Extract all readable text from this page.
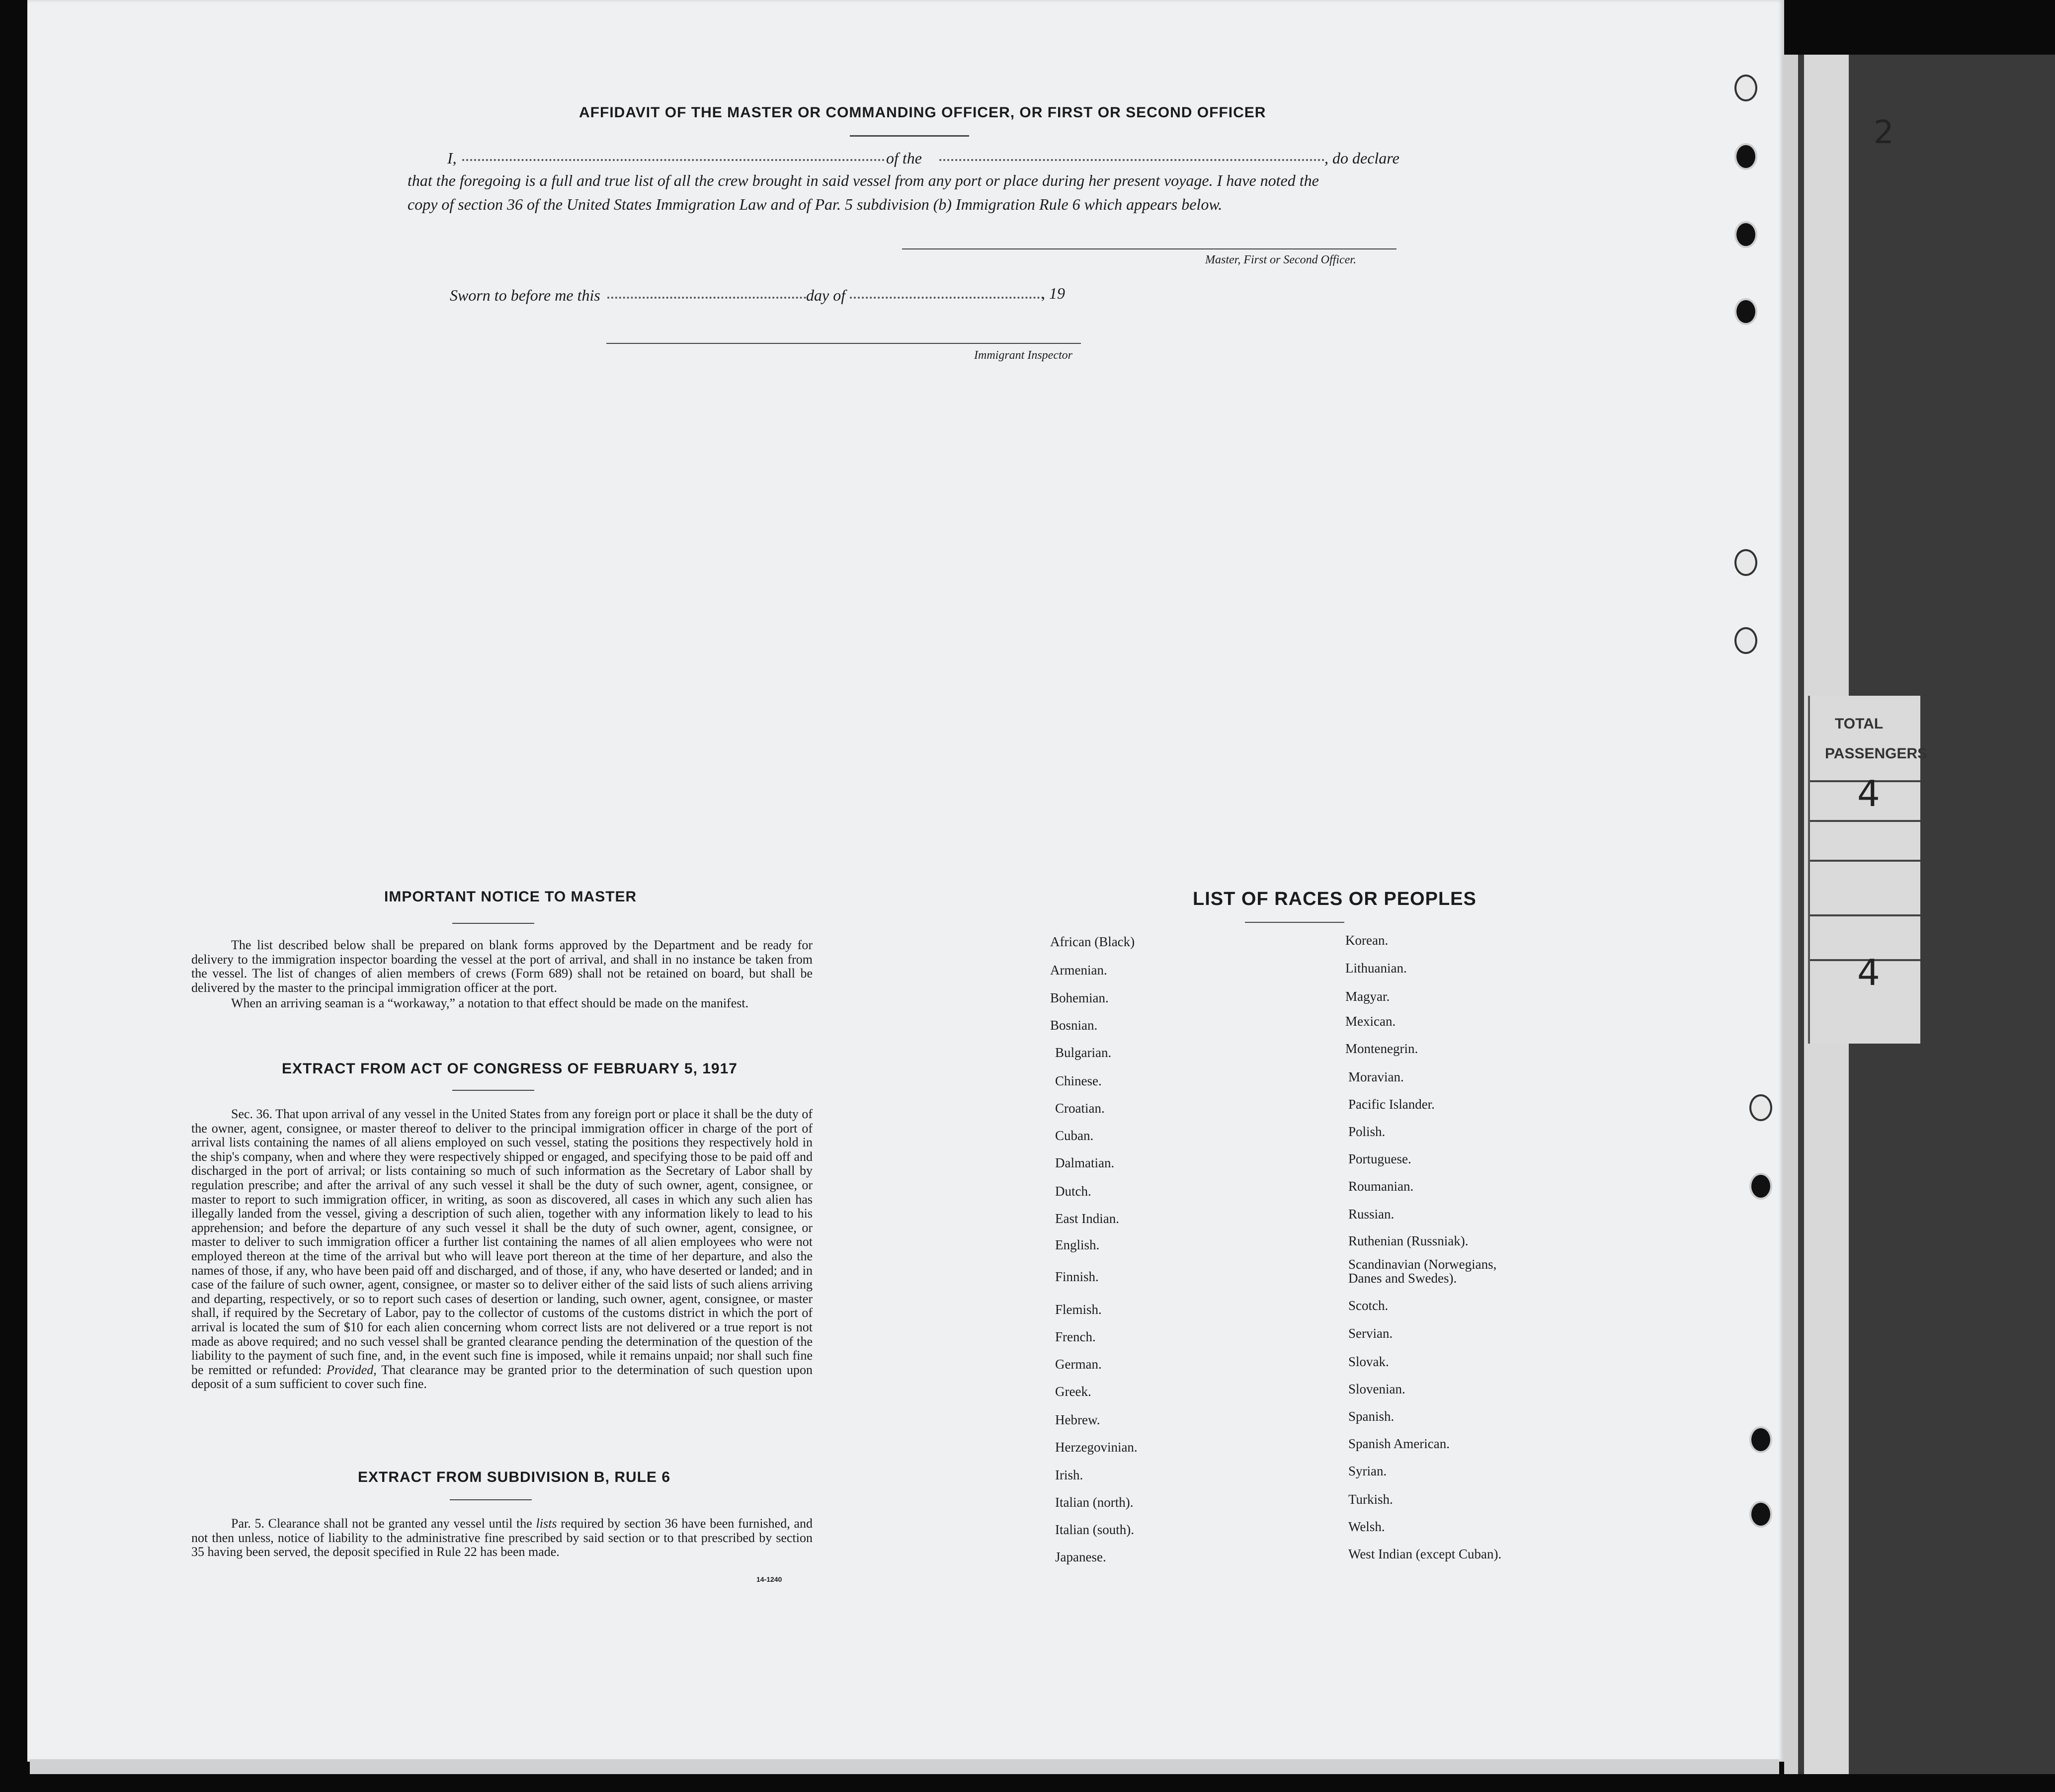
2
TOTAL
PASSENGERS
4
4
AFFIDAVIT OF THE MASTER OR COMMANDING OFFICER, OR FIRST OR SECOND OFFICER
I,	of the	, do declare
that the foregoing is a full and true list of all the crew brought in said vessel from any port or place during her present voyage. I have noted the
copy of section 36 of the United States Immigration Law and of Par. 5 subdivision (b) Immigration Rule 6 which appears below.
Master, First or Second Officer.
Sworn to before me this	day of	, 19
Immigrant Inspector
IMPORTANT NOTICE TO MASTER
The list described below shall be prepared on blank forms approved by the Department and be ready for delivery to the immigration inspector boarding the vessel at the port of arrival, and shall in no instance be taken from the vessel. The list of changes of alien members of crews (Form 689) shall not be retained on board, but shall be delivered by the master to the principal immigration officer at the port.
When an arriving seaman is a “workaway,” a notation to that effect should be made on the manifest.
EXTRACT FROM ACT OF CONGRESS OF FEBRUARY 5, 1917
Sec. 36. That upon arrival of any vessel in the United States from any foreign port or place it shall be the duty of the owner, agent, consignee, or master thereof to deliver to the principal immigration officer in charge of the port of arrival lists containing the names of all aliens employed on such vessel, stating the positions they respectively hold in the ship's company, when and where they were respectively shipped or engaged, and specifying those to be paid off and discharged in the port of arrival; or lists containing so much of such information as the Secretary of Labor shall by regulation prescribe; and after the arrival of any such vessel it shall be the duty of such owner, agent, consignee, or master to report to such immigration officer, in writing, as soon as discovered, all cases in which any such alien has illegally landed from the vessel, giving a description of such alien, together with any information likely to lead to his apprehension; and before the departure of any such vessel it shall be the duty of such owner, agent, consignee, or master to deliver to such immigration officer a further list containing the names of all alien employees who were not employed thereon at the time of the arrival but who will leave port thereon at the time of her departure, and also the names of those, if any, who have been paid off and discharged, and of those, if any, who have deserted or landed; and in case of the failure of such owner, agent, consignee, or master so to deliver either of the said lists of such aliens arriving and departing, respectively, or so to report such cases of desertion or landing, such owner, agent, consignee, or master shall, if required by the Secretary of Labor, pay to the collector of customs of the customs district in which the port of arrival is located the sum of $10 for each alien concerning whom correct lists are not delivered or a true report is not made as above required; and no such vessel shall be granted clearance pending the determination of the question of the liability to the payment of such fine, and, in the event such fine is imposed, while it remains unpaid; nor shall such fine be remitted or refunded: Provided, That clearance may be granted prior to the determination of such question upon deposit of a sum sufficient to cover such fine.
EXTRACT FROM SUBDIVISION B, RULE 6
Par. 5. Clearance shall not be granted any vessel until the lists required by section 36 have been furnished, and not then unless, notice of liability to the administrative fine prescribed by said section or to that prescribed by section 35 having been served, the deposit specified in Rule 22 has been made.
14-1240
LIST OF RACES OR PEOPLES
African (Black)
Armenian.
Bohemian.
Bosnian.
Bulgarian.
Chinese.
Croatian.
Cuban.
Dalmatian.
Dutch.
East Indian.
English.
Finnish.
Flemish.
French.
German.
Greek.
Hebrew.
Herzegovinian.
Irish.
Italian (north).
Italian (south).
Japanese.
Korean.
Lithuanian.
Magyar.
Mexican.
Montenegrin.
Moravian.
Pacific Islander.
Polish.
Portuguese.
Roumanian.
Russian.
Ruthenian (Russniak).
Scandinavian (Norwegians, Danes and Swedes).
Scotch.
Servian.
Slovak.
Slovenian.
Spanish.
Spanish American.
Syrian.
Turkish.
Welsh.
West Indian (except Cuban).
